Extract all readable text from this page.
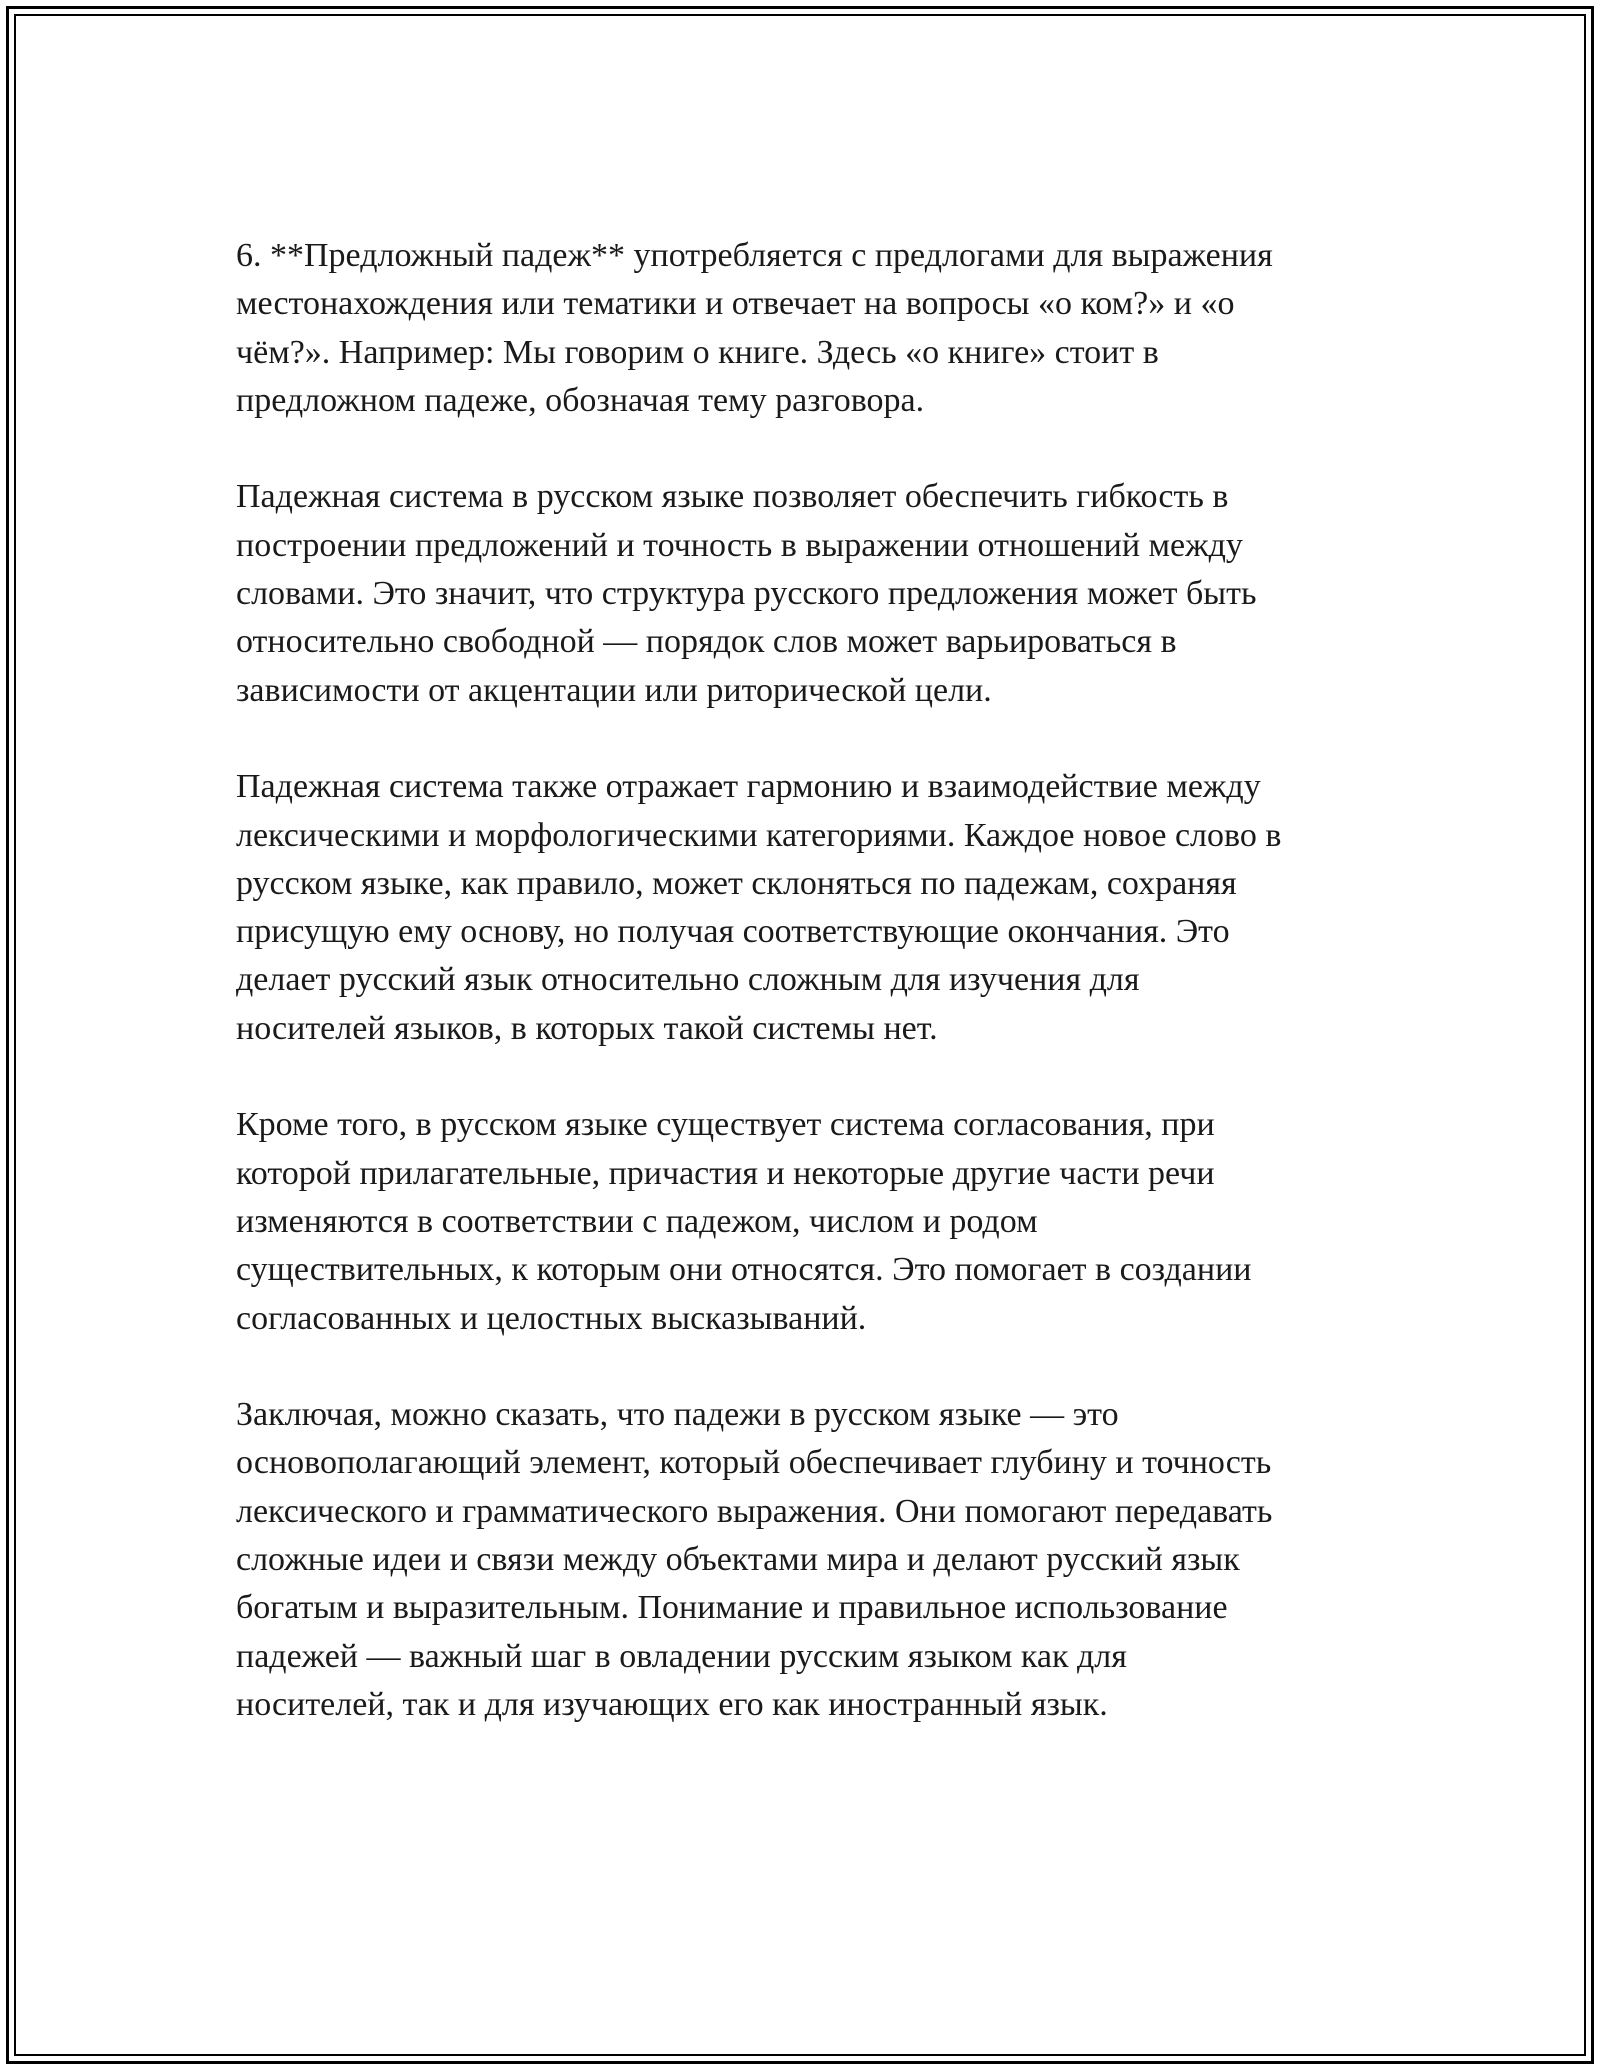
6. **Предложный падеж** употребляется с предлогами для выражения
местонахождения или тематики и отвечает на вопросы «о ком?» и «о
чём?». Например: Мы говорим о книге. Здесь «о книге» стоит в
предложном падеже, обозначая тему разговора.

Падежная система в русском языке позволяет обеспечить гибкость в
построении предложений и точность в выражении отношений между
словами. Это значит, что структура русского предложения может быть
относительно свободной — порядок слов может варьироваться в
зависимости от акцентации или риторической цели.

Падежная система также отражает гармонию и взаимодействие между
лексическими и морфологическими категориями. Каждое новое слово в
русском языке, как правило, может склоняться по падежам, сохраняя
присущую ему основу, но получая соответствующие окончания. Это
делает русский язык относительно сложным для изучения для
носителей языков, в которых такой системы нет.

Кроме того, в русском языке существует система согласования, при
которой прилагательные, причастия и некоторые другие части речи
изменяются в соответствии с падежом, числом и родом
существительных, к которым они относятся. Это помогает в создании
согласованных и целостных высказываний.

Заключая, можно сказать, что падежи в русском языке — это
основополагающий элемент, который обеспечивает глубину и точность
лексического и грамматического выражения. Они помогают передавать
сложные идеи и связи между объектами мира и делают русский язык
богатым и выразительным. Понимание и правильное использование
падежей — важный шаг в овладении русским языком как для
носителей, так и для изучающих его как иностранный язык.
